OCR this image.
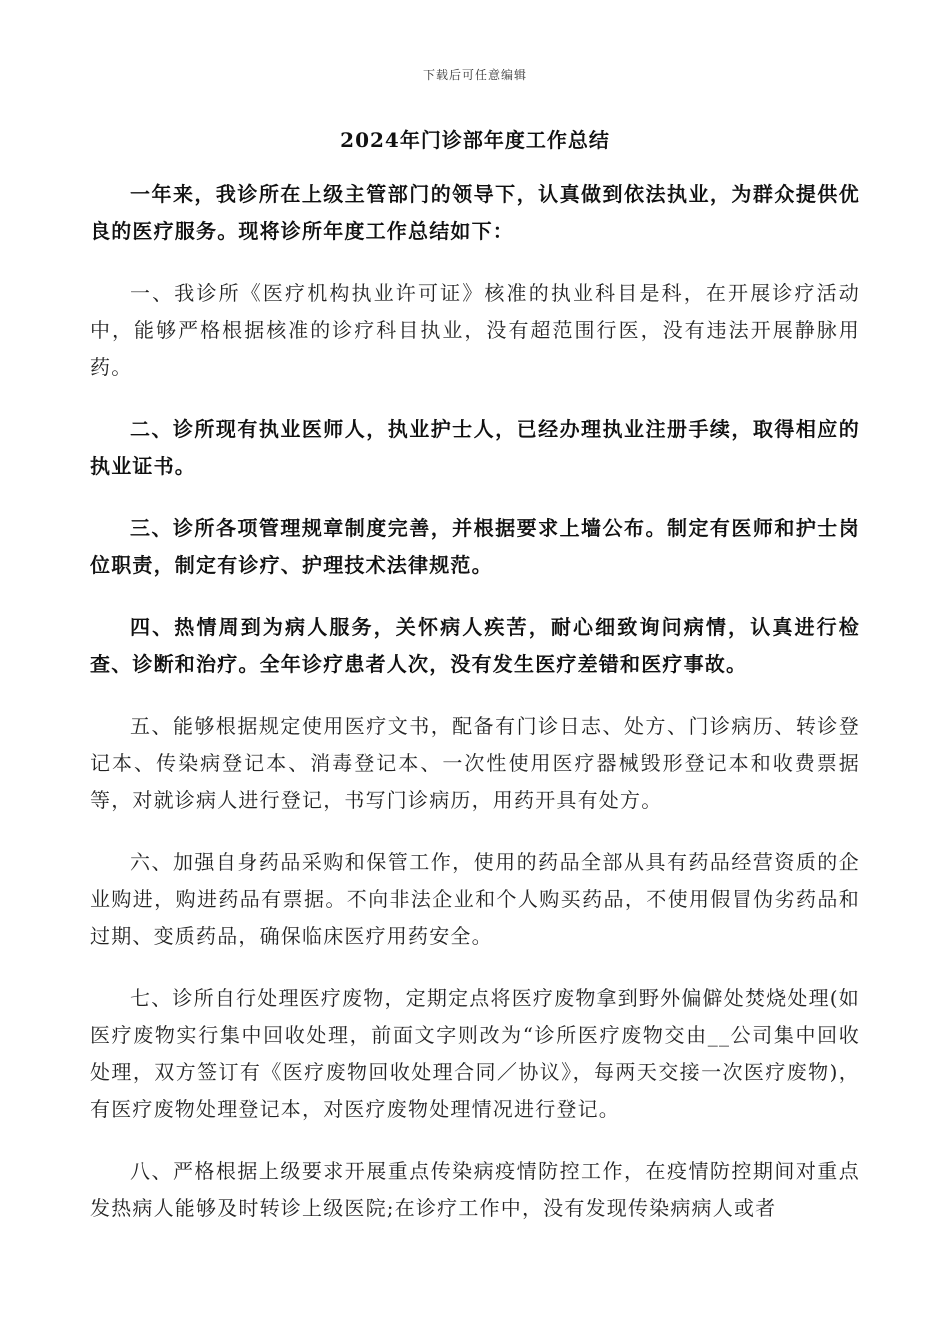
下载后可任意编辑
2024年门诊部年度工作总结

一年来，我诊所在上级主管部门的领导下，认真做到依法执业，为群众提供优良的医疗服务。现将诊所年度工作总结如下：

一、我诊所《医疗机构执业许可证》核准的执业科目是科，在开展诊疗活动中，能够严格根据核准的诊疗科目执业，没有超范围行医，没有违法开展静脉用药。

二、诊所现有执业医师人，执业护士人，已经办理执业注册手续，取得相应的执业证书。

三、诊所各项管理规章制度完善，并根据要求上墙公布。制定有医师和护士岗位职责，制定有诊疗、护理技术法律规范。

四、热情周到为病人服务，关怀病人疾苦，耐心细致询问病情，认真进行检查、诊断和治疗。全年诊疗患者人次，没有发生医疗差错和医疗事故。

五、能够根据规定使用医疗文书，配备有门诊日志、处方、门诊病历、转诊登记本、传染病登记本、消毒登记本、一次性使用医疗器械毁形登记本和收费票据等，对就诊病人进行登记，书写门诊病历，用药开具有处方。

六、加强自身药品采购和保管工作，使用的药品全部从具有药品经营资质的企业购进，购进药品有票据。不向非法企业和个人购买药品，不使用假冒伪劣药品和过期、变质药品，确保临床医疗用药安全。

七、诊所自行处理医疗废物，定期定点将医疗废物拿到野外偏僻处焚烧处理(如医疗废物实行集中回收处理，前面文字则改为“诊所医疗废物交由__公司集中回收处理，双方签订有《医疗废物回收处理合同／协议》，每两天交接一次医疗废物)，有医疗废物处理登记本，对医疗废物处理情况进行登记。

八、严格根据上级要求开展重点传染病疫情防控工作，在疫情防控期间对重点发热病人能够及时转诊上级医院;在诊疗工作中，没有发现传染病病人或者
